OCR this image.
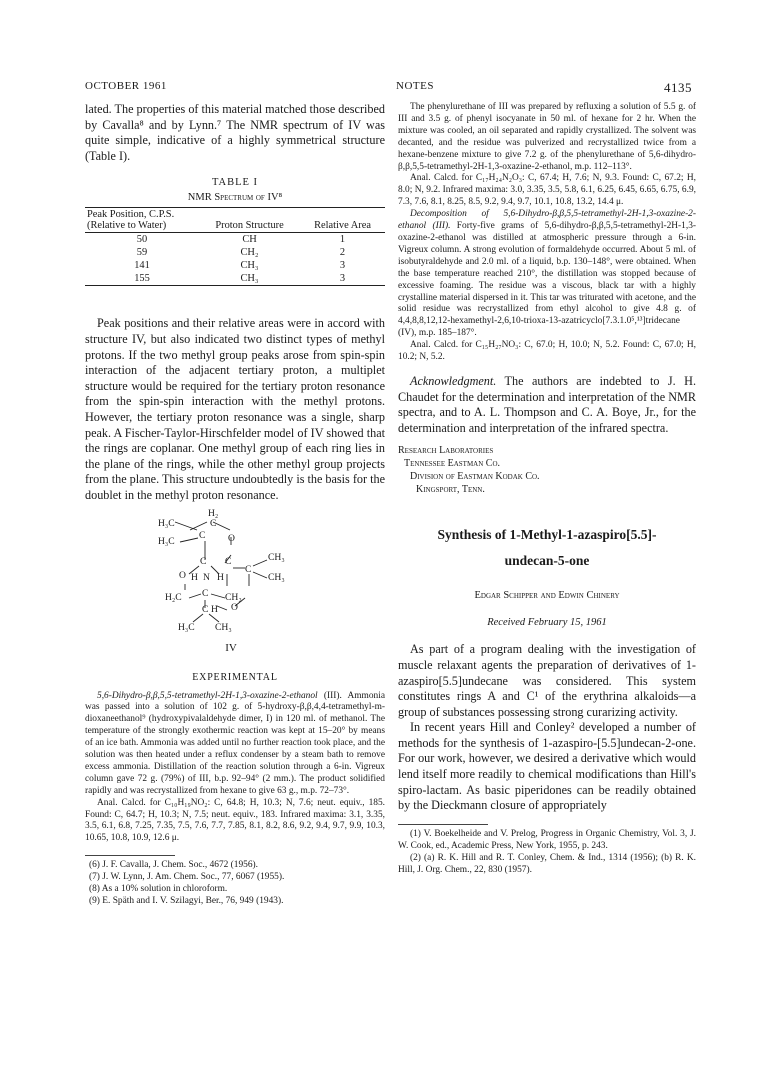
OCTOBER 1961	NOTES	4135

lated. The properties of this material matched those described by Cavalla⁸ and by Lynn.⁷ The NMR spectrum of IV was quite simple, indicative of a highly symmetrical structure (Table I).

TABLE I
NMR Spectrum of IV⁸
Peak Position, C.P.S. (Relative to Water)	Proton Structure	Relative Area
50	CH	1
59	CH₂	2
141	CH₃	3
155	CH₃	3

Peak positions and their relative areas were in accord with structure IV, but also indicated two distinct types of methyl protons. If the two methyl group peaks arose from spin-spin interaction of the adjacent tertiary proton, a multiplet structure would be required for the tertiary proton resonance from the spin-spin interaction with the methyl protons. However, the tertiary proton resonance was a single, sharp peak. A Fischer-Taylor-Hirschfelder model of IV showed that the rings are coplanar. One methyl group of each ring lies in the plane of the rings, while the other methyl group projects from the plane. This structure undoubtedly is the basis for the doublet in the methyl proton resonance.

H₂
C
H₃C
H₃C
C O
C C	CH₃
CH₃
O H N H
C
H₂C C CH₂
C H O
H₃C CH₃
IV
EXPERIMENTAL

5,6-Dihydro-β,β,5,5-tetramethyl-2H-1,3-oxazine-2-ethanol (III). Ammonia was passed into a solution of 102 g. of 5-hydroxy-β,β,4,4-tetramethyl-m-dioxaneethanol⁹ (hydroxypivalaldehyde dimer, I) in 120 ml. of methanol. The temperature of the strongly exothermic reaction was kept at 15–20° by means of an ice bath. Ammonia was added until no further reaction took place, and the solution was then heated under a reflux condenser by a steam bath to remove excess ammonia. Distillation of the reaction solution through a 6-in. Vigreux column gave 72 g. (79%) of III, b.p. 92–94° (2 mm.). The product solidified rapidly and was recrystallized from hexane to give 63 g., m.p. 72–73°.

Anal. Calcd. for C₁₀H₁₉NO₂: C, 64.8; H, 10.3; N, 7.6; neut. equiv., 185. Found: C, 64.7; H, 10.3; N, 7.5; neut. equiv., 183. Infrared maxima: 3.1, 3.35, 3.5, 6.1, 6.8, 7.25, 7.35, 7.5, 7.6, 7.7, 7.85, 8.1, 8.2, 8.6, 9.2, 9.4, 9.7, 9.9, 10.3, 10.65, 10.8, 10.9, 12.6 μ.

(6) J. F. Cavalla, J. Chem. Soc., 4672 (1956).
(7) J. W. Lynn, J. Am. Chem. Soc., 77, 6067 (1955).
(8) As a 10% solution in chloroform.
(9) E. Späth and I. V. Szilagyi, Ber., 76, 949 (1943).

The phenylurethane of III was prepared by refluxing a solution of 5.5 g. of III and 3.5 g. of phenyl isocyanate in 50 ml. of hexane for 2 hr. When the mixture was cooled, an oil separated and rapidly crystallized. The solvent was decanted, and the residue was pulverized and recrystallized twice from a hexane-benzene mixture to give 7.2 g. of the phenylurethane of 5,6-dihydro-β,β,5,5-tetramethyl-2H-1,3-oxazine-2-ethanol, m.p. 112–113°.

Anal. Calcd. for C₁₇H₂₄N₂O₃: C, 67.4; H, 7.6; N, 9.3. Found: C, 67.2; H, 8.0; N, 9.2. Infrared maxima: 3.0, 3.35, 3.5, 5.8, 6.1, 6.25, 6.45, 6.65, 6.75, 6.9, 7.3, 7.6, 8.1, 8.25, 8.5, 9.2, 9.4, 9.7, 10.1, 10.8, 13.2, 14.4 μ.

Decomposition of 5,6-Dihydro-β,β,5,5-tetramethyl-2H-1,3-oxazine-2-ethanol (III). Forty-five grams of 5,6-dihydro-β,β,5,5-tetramethyl-2H-1,3-oxazine-2-ethanol was distilled at atmospheric pressure through a 6-in. Vigreux column. A strong evolution of formaldehyde occurred. About 5 ml. of isobutyraldehyde and 2.0 ml. of a liquid, b.p. 130–148°, were obtained. When the base temperature reached 210°, the distillation was stopped because of excessive foaming. The residue was a viscous, black tar with a highly crystalline material dispersed in it. This tar was triturated with acetone, and the solid residue was recrystallized from ethyl alcohol to give 4.8 g. of 4,4,8,8,12,12-hexamethyl-2,6,10-trioxa-13-azatricyclo[7.3.1.0⁵,¹³]tridecane (IV), m.p. 185–187°.

Anal. Calcd. for C₁₅H₂₇NO₃: C, 67.0; H, 10.0; N, 5.2. Found: C, 67.0; H, 10.2; N, 5.2.

Acknowledgment. The authors are indebted to J. H. Chaudet for the determination and interpretation of the NMR spectra, and to A. L. Thompson and C. A. Boye, Jr., for the determination and interpretation of the infrared spectra.

Research Laboratories
Tennessee Eastman Co.
Division of Eastman Kodak Co.
Kingsport, Tenn.
Synthesis of 1-Methyl-1-azaspiro[5.5]-
undecan-5-one
Edgar Schipper and Edwin Chinery
Received February 15, 1961

As part of a program dealing with the investigation of muscle relaxant agents the preparation of derivatives of 1-azaspiro[5.5]undecane was considered. This system constitutes rings A and C¹ of the erythrina alkaloids—a group of substances possessing strong curarizing activity.

In recent years Hill and Conley² developed a number of methods for the synthesis of 1-azaspiro-[5.5]undecan-2-one. For our work, however, we desired a derivative which would lend itself more readily to chemical modifications than Hill's spiro-lactam. As basic piperidones can be readily obtained by the Dieckmann closure of appropriately

(1) V. Boekelheide and V. Prelog, Progress in Organic Chemistry, Vol. 3, J. W. Cook, ed., Academic Press, New York, 1955, p. 243.

(2) (a) R. K. Hill and R. T. Conley, Chem. & Ind., 1314 (1956); (b) R. K. Hill, J. Org. Chem., 22, 830 (1957).
